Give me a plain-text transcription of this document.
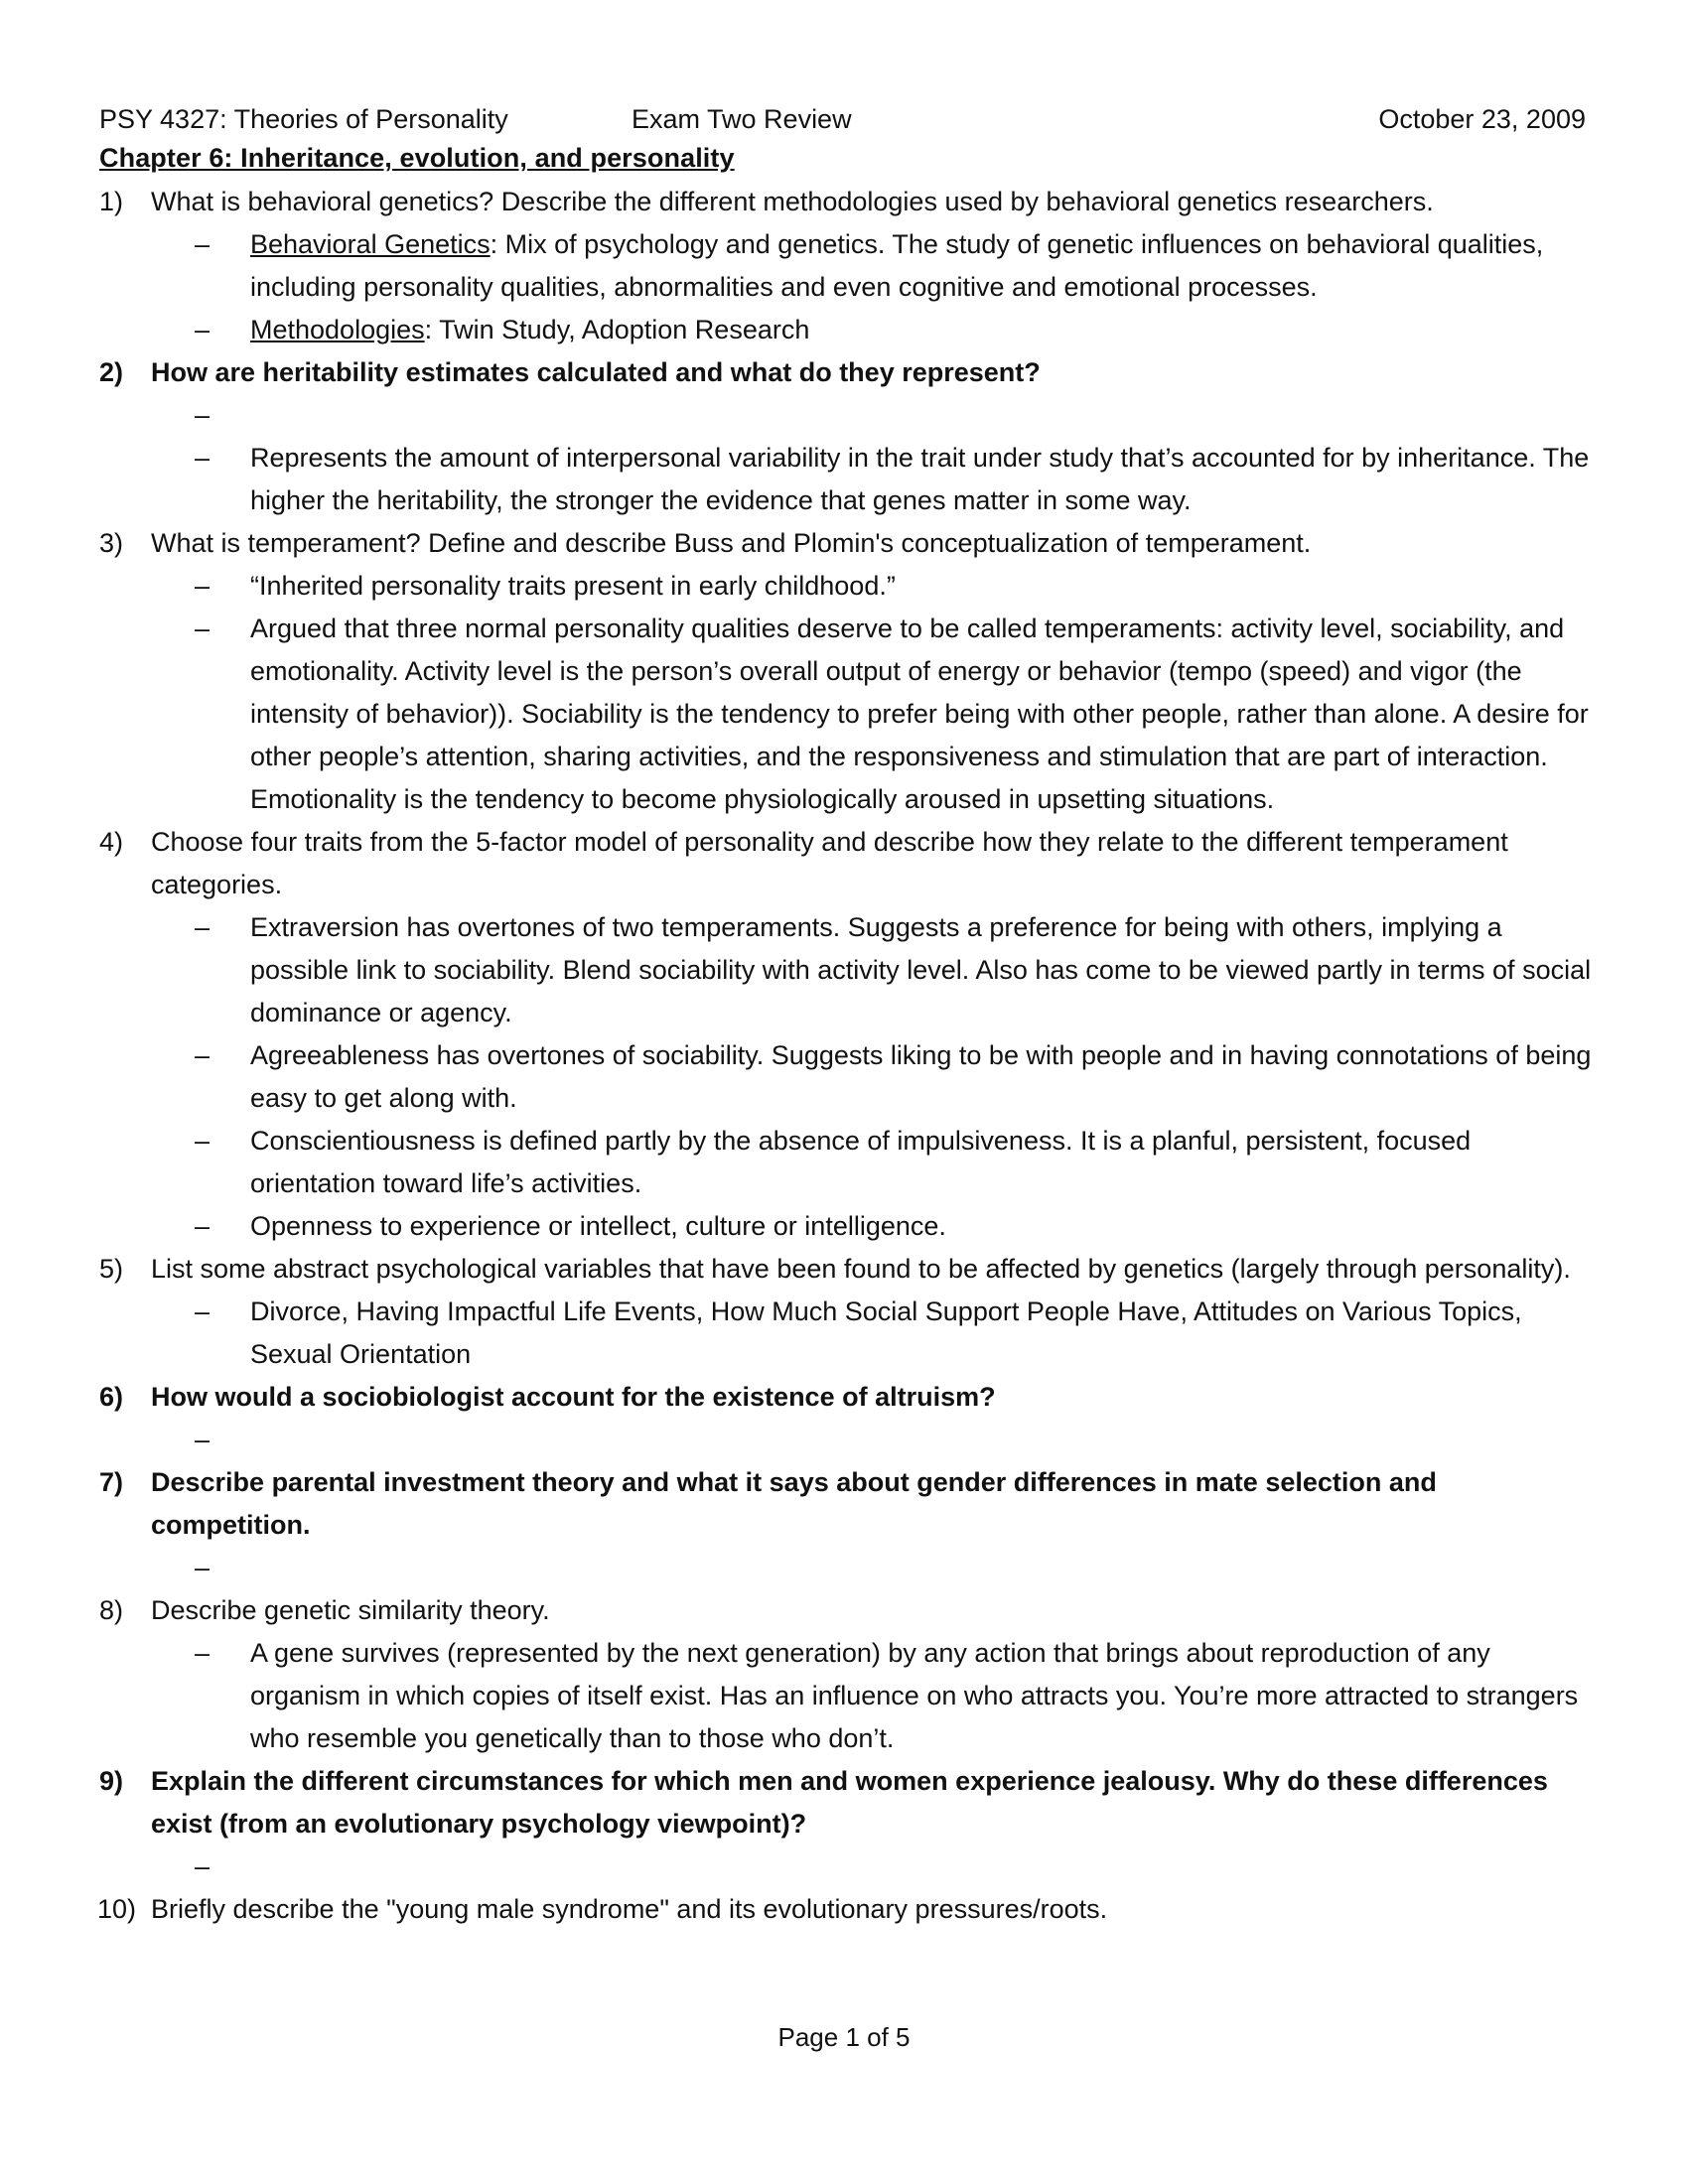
PSY 4327: Theories of Personality	Exam Two Review	October 23, 2009
Chapter 6: Inheritance, evolution, and personality
1) What is behavioral genetics? Describe the different methodologies used by behavioral genetics researchers.
– Behavioral Genetics: Mix of psychology and genetics. The study of genetic influences on behavioral qualities, including personality qualities, abnormalities and even cognitive and emotional processes.
– Methodologies: Twin Study, Adoption Research
2) How are heritability estimates calculated and what do they represent?
–
– Represents the amount of interpersonal variability in the trait under study that’s accounted for by inheritance. The higher the heritability, the stronger the evidence that genes matter in some way.
3) What is temperament? Define and describe Buss and Plomin's conceptualization of temperament.
– “Inherited personality traits present in early childhood.”
– Argued that three normal personality qualities deserve to be called temperaments: activity level, sociability, and emotionality. Activity level is the person’s overall output of energy or behavior (tempo (speed) and vigor (the intensity of behavior)). Sociability is the tendency to prefer being with other people, rather than alone. A desire for other people’s attention, sharing activities, and the responsiveness and stimulation that are part of interaction. Emotionality is the tendency to become physiologically aroused in upsetting situations.
4) Choose four traits from the 5-factor model of personality and describe how they relate to the different temperament categories.
– Extraversion has overtones of two temperaments. Suggests a preference for being with others, implying a possible link to sociability. Blend sociability with activity level. Also has come to be viewed partly in terms of social dominance or agency.
– Agreeableness has overtones of sociability. Suggests liking to be with people and in having connotations of being easy to get along with.
– Conscientiousness is defined partly by the absence of impulsiveness. It is a planful, persistent, focused orientation toward life’s activities.
– Openness to experience or intellect, culture or intelligence.
5) List some abstract psychological variables that have been found to be affected by genetics (largely through personality).
– Divorce, Having Impactful Life Events, How Much Social Support People Have, Attitudes on Various Topics, Sexual Orientation
6) How would a sociobiologist account for the existence of altruism?
–
7) Describe parental investment theory and what it says about gender differences in mate selection and competition.
–
8) Describe genetic similarity theory.
– A gene survives (represented by the next generation) by any action that brings about reproduction of any organism in which copies of itself exist. Has an influence on who attracts you. You’re more attracted to strangers who resemble you genetically than to those who don’t.
9) Explain the different circumstances for which men and women experience jealousy. Why do these differences exist (from an evolutionary psychology viewpoint)?
–
10) Briefly describe the "young male syndrome" and its evolutionary pressures/roots.
Page 1 of 5
